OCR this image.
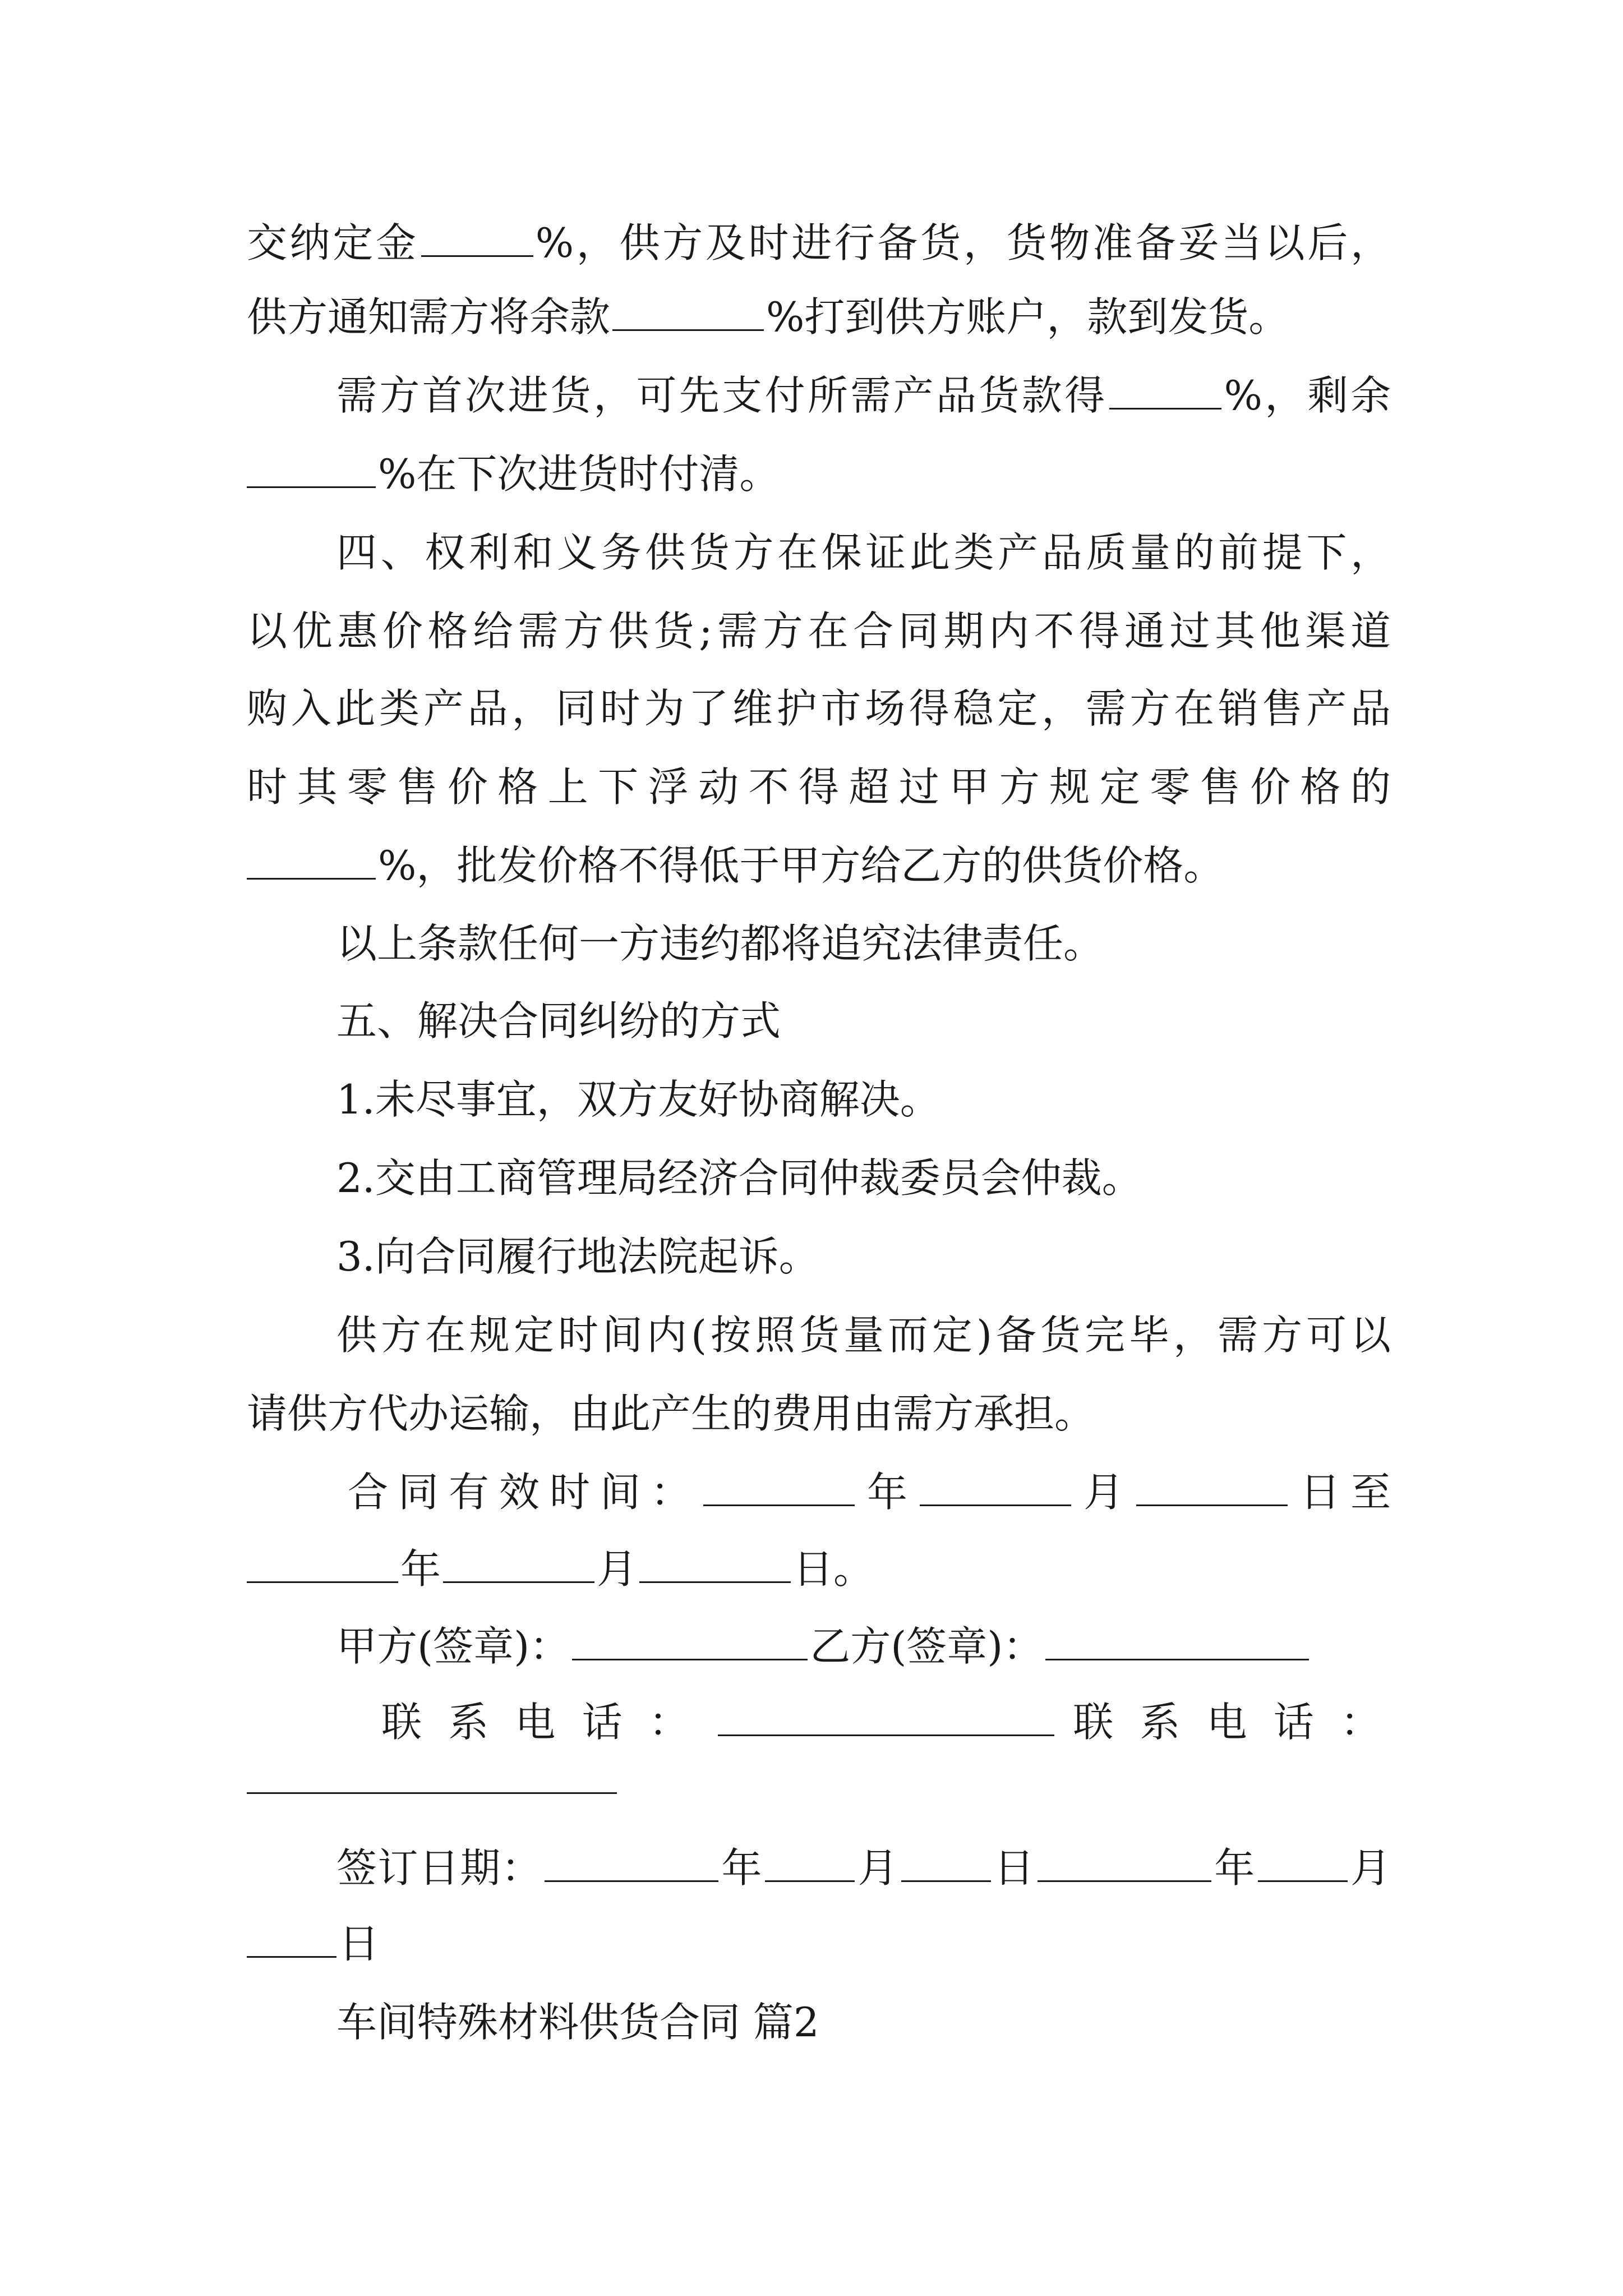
交纳定金	%，供方及时进行备货，货物准备妥当以后，
供方通知需方将余款	%打到供方账户，款到发货。
需方首次进货，可先支付所需产品货款得	%，剩余
%在下次进货时付清。
四、权利和义务供货方在保证此类产品质量的前提下，
以优惠价格给需方供货;需方在合同期内不得通过其他渠道
购入此类产品，同时为了维护市场得稳定，需方在销售产品
时其零售价格上下浮动不得超过甲方规定零售价格的
%，批发价格不得低于甲方给乙方的供货价格。
以上条款任何一方违约都将追究法律责任。
五、解决合同纠纷的方式
1.未尽事宜，双方友好协商解决。
2.交由工商管理局经济合同仲裁委员会仲裁。
3.向合同履行地法院起诉。
供方在规定时间内(按照货量而定)备货完毕，需方可以
请供方代办运输，由此产生的费用由需方承担。
合同有效时间：	年	月	日至
年	月	日。
甲方(签章)：	乙方(签章)：
联系电话：	联系电话：
签订日期：	年 月 日	年 月
日
车间特殊材料供货合同 篇2
